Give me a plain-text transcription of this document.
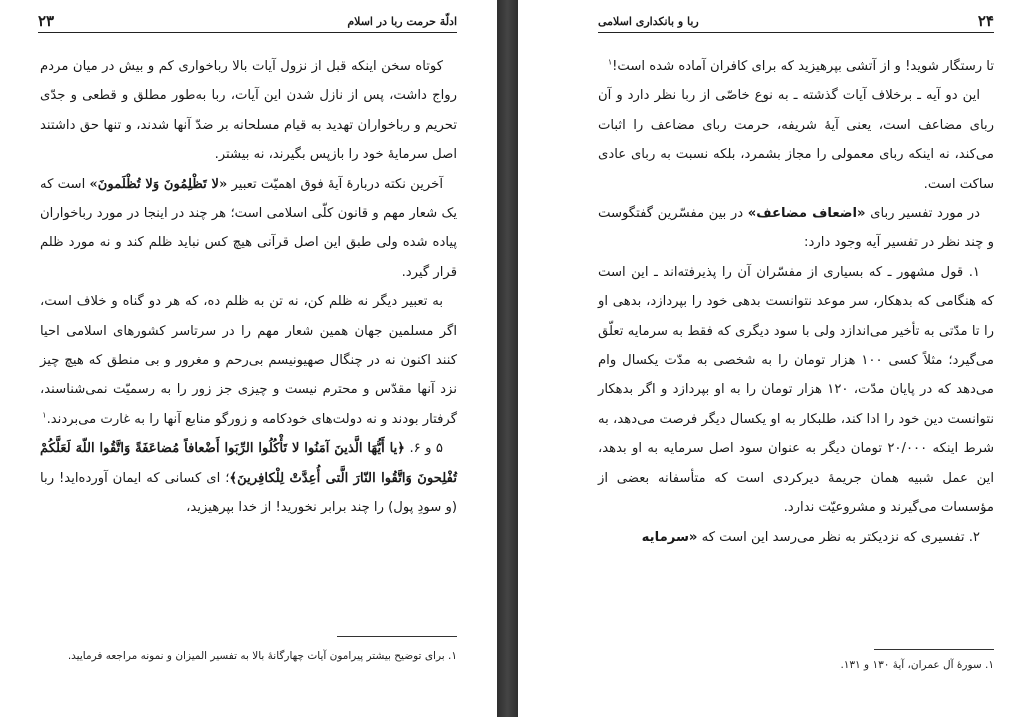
ادلّة حرمت ربا در اسلام
۲۳

کوتاه سخن اینکه قبل از نزول آیات بالا رباخواری کم و بیش در میان مردم رواج داشت، پس از نازل شدن این آیات، ربا به‌طور مطلق و قطعی و جدّی تحریم و رباخواران تهدید به قیام مسلحانه بر ضدّ آنها شدند، و تنها حق داشتند اصل سرمایهٔ خود را بازپس بگیرند، نه بیشتر.

آخرین نکته دربارهٔ آیهٔ فوق اهمیّت تعبیر «لا تَظْلِمُونَ وَلا تُظْلَمونَ» است که یک شعار مهم و قانون کلّی اسلامی است؛ هر چند در اینجا در مورد رباخواران پیاده شده ولی طبق این اصل قرآنی هیچ کس نباید ظلم کند و نه مورد ظلم قرار گیرد.

به تعبیر دیگر نه ظلم کن، نه تن به ظلم ده، که هر دو گناه و خلاف است، اگر مسلمین جهان همین شعار مهم را در سرتاسر کشورهای اسلامی احیا کنند اکنون نه در چنگال صهیونیسم بی‌رحم و مغرور و بی منطق که هیچ چیز نزد آنها مقدّس و محترم نیست و چیزی جز زور را به رسمیّت نمی‌شناسند، گرفتار بودند و نه دولت‌های خودکامه و زورگو منابع آنها را به غارت می‌بردند.$^۱$

۵ و ۶. ﴿یا أَیُّهَا الَّذینَ آمَنُوا لا تَأْکُلُوا الرِّبَوا أَضْعافاً مُضاعَفَةً وَاتَّقُوا اللّهَ لَعَلَّکُمْ تُفْلِحونَ وَاتَّقُوا النّارَ الَّتی أُعِدَّتْ لِلْکافِرینَ﴾؛ ای کسانی که ایمان آورده‌اید! ربا (و سودِ پول) را چند برابر نخورید! از خدا بپرهیزید،

۱. برای توضیح بیشتر پیرامون آیات چهارگانهٔ بالا به تفسیر المیزان و نمونه مراجعه فرمایید.
۲۴
ربا و بانکداری اسلامی

تا رستگار شوید! و از آتشی بپرهیزید که برای کافران آماده شده است!$^۱$

این دو آیه ـ برخلاف آیات گذشته ـ به نوع خاصّی از ربا نظر دارد و آن ربای مضاعف است، یعنی آیهٔ شریفه، حرمت ربای مضاعف را اثبات می‌کند، نه اینکه ربای معمولی را مجاز بشمرد، بلکه نسبت به ربای عادی ساکت است.

در مورد تفسیر ربای «اضعاف مضاعف» در بین مفسّرین گفتگوست و چند نظر در تفسیر آیه وجود دارد:

۱. قول مشهور ـ که بسیاری از مفسّران آن را پذیرفته‌اند ـ این است که هنگامی که بدهکار، سر موعد نتوانست بدهی خود را بپردازد، بدهی او را تا مدّتی به تأخیر می‌اندازد ولی با سود دیگری که فقط به سرمایه تعلّق می‌گیرد؛ مثلاً کسی ۱۰۰ هزار تومان را به شخصی به مدّت یکسال وام می‌دهد که در پایان مدّت، ۱۲۰ هزار تومان را به او بپردازد و اگر بدهکار نتوانست دین خود را ادا کند، طلبکار به او یکسال دیگر فرصت می‌دهد، به شرط اینکه ۲۰/۰۰۰ تومان دیگر به عنوان سود اصل سرمایه به او بدهد، این عمل شبیه همان جریمهٔ دیرکردی است که متأسفانه بعضی از مؤسسات می‌گیرند و مشروعیّت ندارد.

۲. تفسیری که نزدیکتر به نظر می‌رسد این است که «سرمایه

۱. سورهٔ آل عمران، آیهٔ ۱۳۰ و ۱۳۱.
